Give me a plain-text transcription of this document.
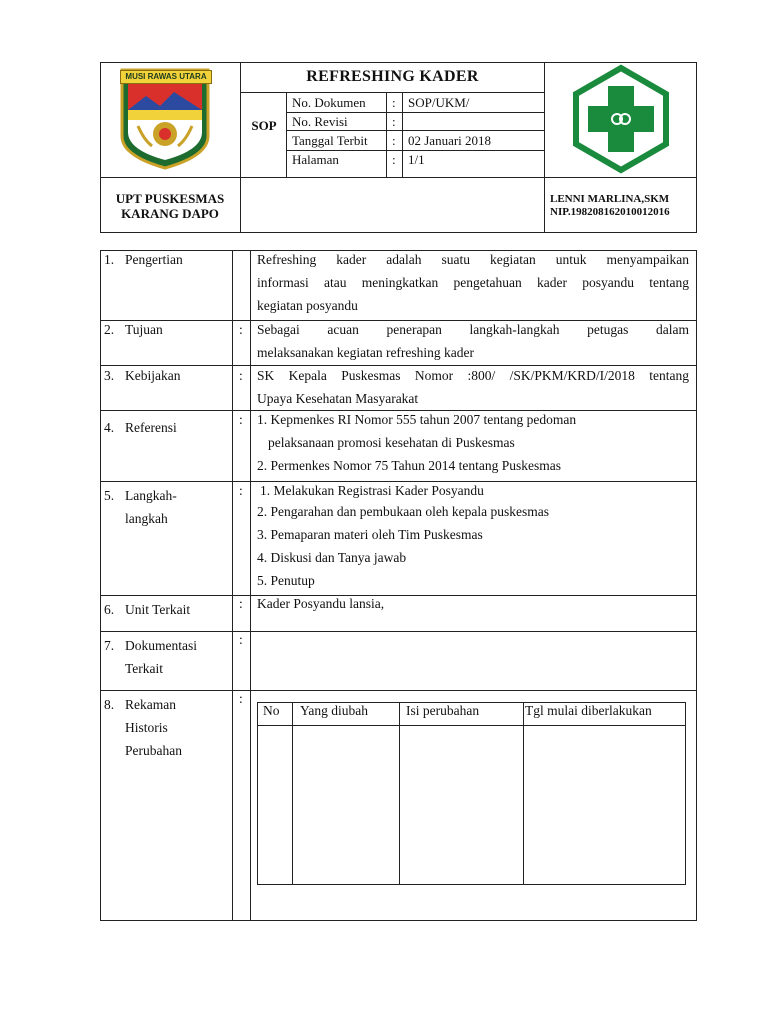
MUSI RAWAS UTARA	REFRESHING KADER
SOP
No. Dokumen : SOP/UKM/
No. Revisi	:
Tanggal Terbit : 02 Januari 2018
Halaman	: 1/1
UPT PUSKESMAS
KARANG DAPO
LENNI MARLINA,SKM
NIP.198208162010012016
1. Pengertian	Refreshing kader adalah suatu kegiatan untuk menyampaikan
informasi atau meningkatkan pengetahuan kader posyandu tentang
kegiatan posyandu
2. Tujuan	: Sebagai acuan penerapan langkah-langkah petugas dalam
melaksanakan kegiatan refreshing kader
3. Kebijakan	: SK Kepala Puskesmas Nomor :800/ /SK/PKM/KRD/I/2018 tentang
Upaya Kesehatan Masyarakat
4. Referensi
: 1. Kepmenkes RI Nomor 555 tahun 2007 tentang pedoman
pelaksanaan promosi kesehatan di Puskesmas
2. Permenkes Nomor 75 Tahun 2014 tentang Puskesmas
5. Langkah-
langkah
: 1. Melakukan Registrasi Kader Posyandu
2. Pengarahan dan pembukaan oleh kepala puskesmas
3. Pemaparan materi oleh Tim Puskesmas
4. Diskusi dan Tanya jawab
5. Penutup
6. Unit Terkait	: Kader Posyandu lansia,
7. Dokumentasi
Terkait
:
8. Rekaman
Historis
Perubahan
:
No Yang diubah	Isi perubahan	Tgl mulai diberlakukan
